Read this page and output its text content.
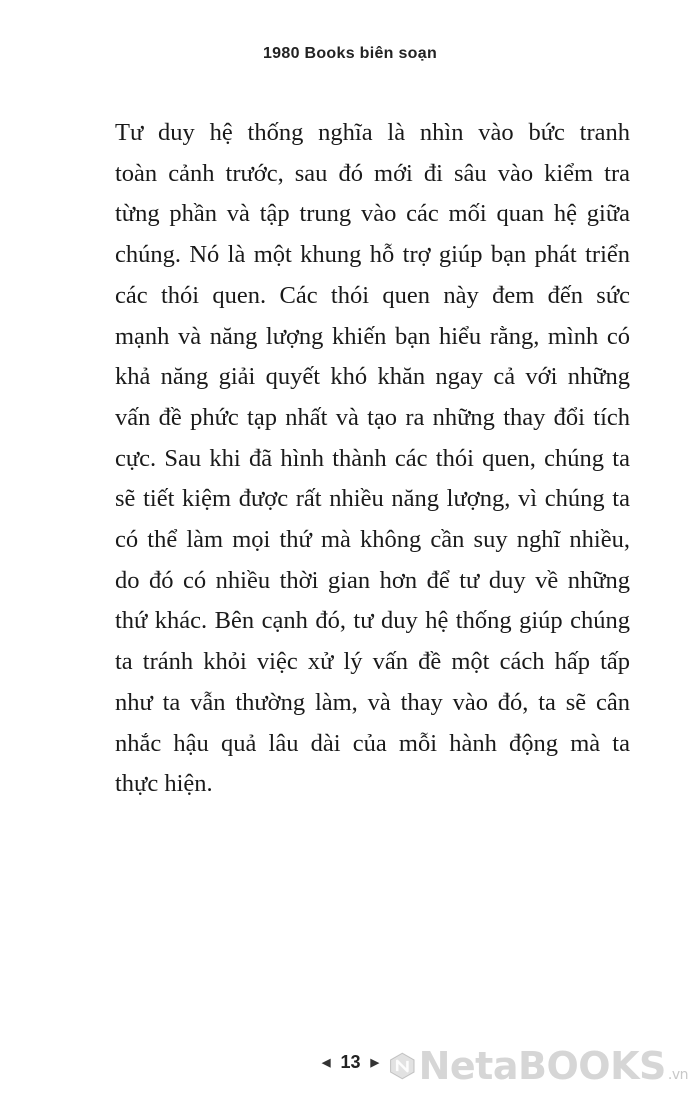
1980 Books biên soạn
Tư duy hệ thống nghĩa là nhìn vào bức tranh
toàn cảnh trước, sau đó mới đi sâu vào kiểm tra
từng phần và tập trung vào các mối quan hệ giữa
chúng. Nó là một khung hỗ trợ giúp bạn phát triển
các thói quen. Các thói quen này đem đến sức
mạnh và năng lượng khiến bạn hiểu rằng, mình có
khả năng giải quyết khó khăn ngay cả với những
vấn đề phức tạp nhất và tạo ra những thay đổi tích
cực. Sau khi đã hình thành các thói quen, chúng ta
sẽ tiết kiệm được rất nhiều năng lượng, vì chúng ta
có thể làm mọi thứ mà không cần suy nghĩ nhiều,
do đó có nhiều thời gian hơn để tư duy về những
thứ khác. Bên cạnh đó, tư duy hệ thống giúp chúng
ta tránh khỏi việc xử lý vấn đề một cách hấp tấp
như ta vẫn thường làm, và thay vào đó, ta sẽ cân
nhắc hậu quả lâu dài của mỗi hành động mà ta
thực hiện.
◀ 13 ▶ NetaBOOKS .vn
